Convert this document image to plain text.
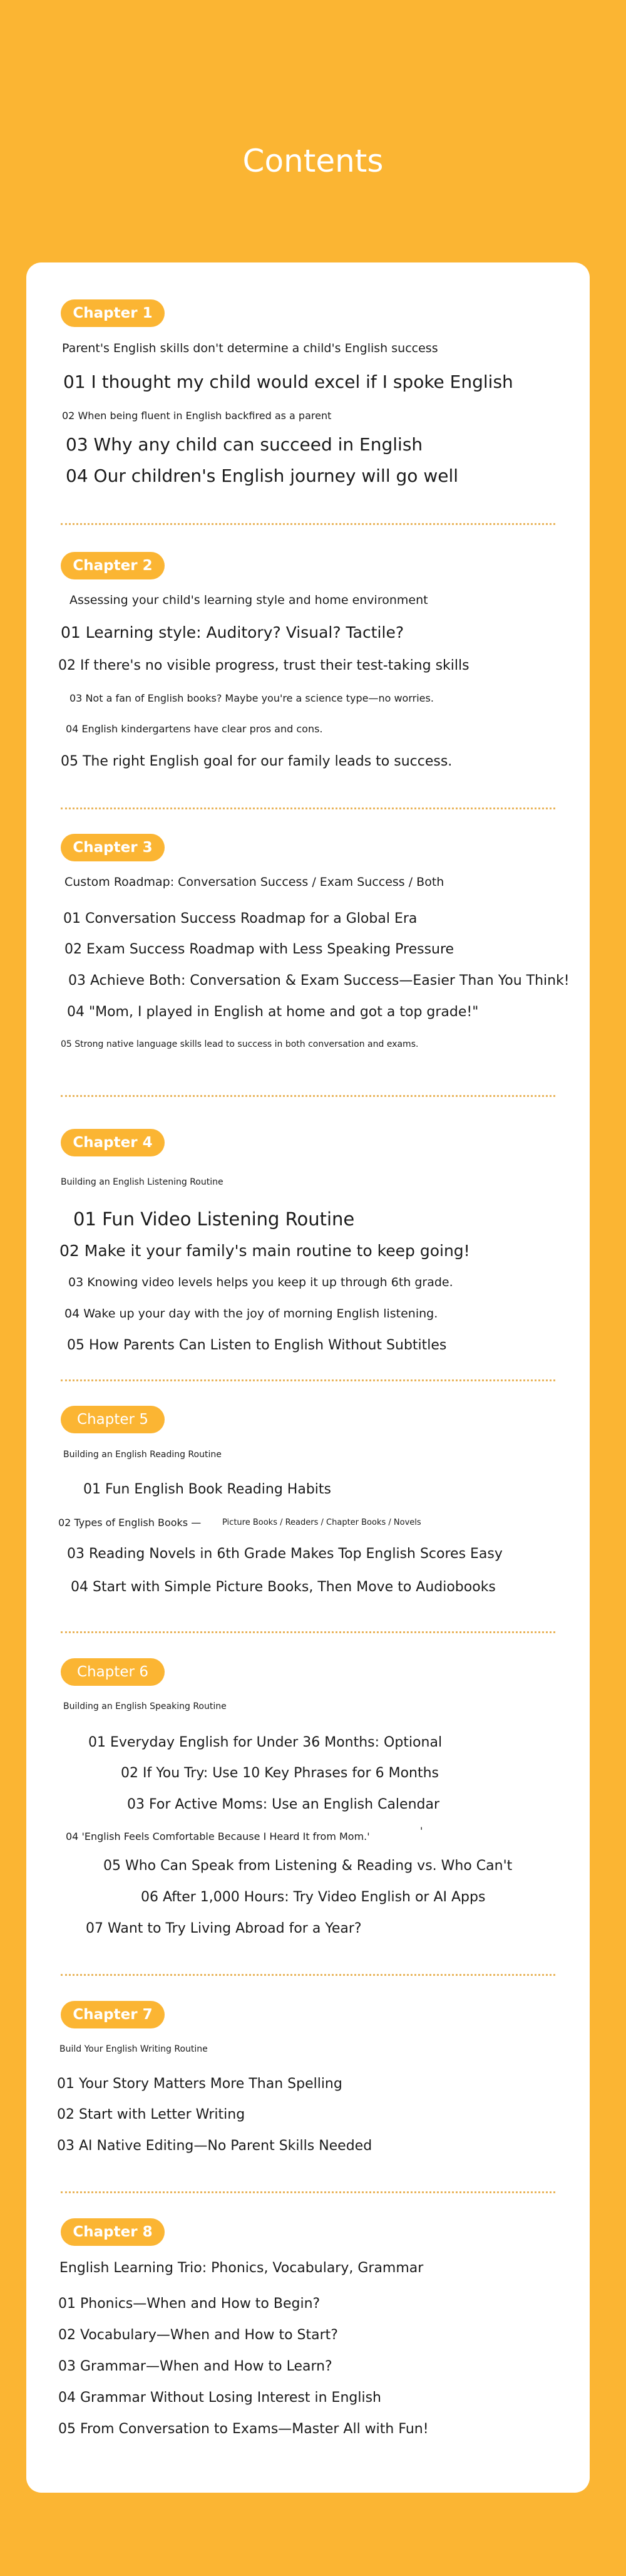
Contents
Chapter 1
Parent's English skills don't determine a child's English success
01 I thought my child would excel if I spoke English
02 When being fluent in English backfired as a parent
03 Why any child can succeed in English
04 Our children's English journey will go well
Chapter 2
Assessing your child's learning style and home environment
01 Learning style: Auditory? Visual? Tactile?
02 If there's no visible progress, trust their test-taking skills
03 Not a fan of English books? Maybe you're a science type—no worries.
04 English kindergartens have clear pros and cons.
05 The right English goal for our family leads to success.
Chapter 3
Custom Roadmap: Conversation Success / Exam Success / Both
01 Conversation Success Roadmap for a Global Era
02 Exam Success Roadmap with Less Speaking Pressure
03 Achieve Both: Conversation & Exam Success—Easier Than You Think!
04 "Mom, I played in English at home and got a top grade!"
05 Strong native language skills lead to success in both conversation and exams.
Chapter 4
Building an English Listening Routine
01 Fun Video Listening Routine
02 Make it your family's main routine to keep going!
03 Knowing video levels helps you keep it up through 6th grade.
04 Wake up your day with the joy of morning English listening.
05 How Parents Can Listen to English Without Subtitles
Chapter 5
Building an English Reading Routine
01 Fun English Book Reading Habits
02 Types of English Books —	Picture Books / Readers / Chapter Books / Novels
03 Reading Novels in 6th Grade Makes Top English Scores Easy
04 Start with Simple Picture Books, Then Move to Audiobooks
Chapter 6
Building an English Speaking Routine
01 Everyday English for Under 36 Months: Optional
02 If You Try: Use 10 Key Phrases for 6 Months
03 For Active Moms: Use an English Calendar
04 'English Feels Comfortable Because I Heard It from Mom.'	'
05 Who Can Speak from Listening & Reading vs. Who Can't
06 After 1,000 Hours: Try Video English or AI Apps
07 Want to Try Living Abroad for a Year?
Chapter 7
Build Your English Writing Routine
01 Your Story Matters More Than Spelling
02 Start with Letter Writing
03 AI Native Editing—No Parent Skills Needed
Chapter 8
English Learning Trio: Phonics, Vocabulary, Grammar
01 Phonics—When and How to Begin?
02 Vocabulary—When and How to Start?
03 Grammar—When and How to Learn?
04 Grammar Without Losing Interest in English
05 From Conversation to Exams—Master All with Fun!
